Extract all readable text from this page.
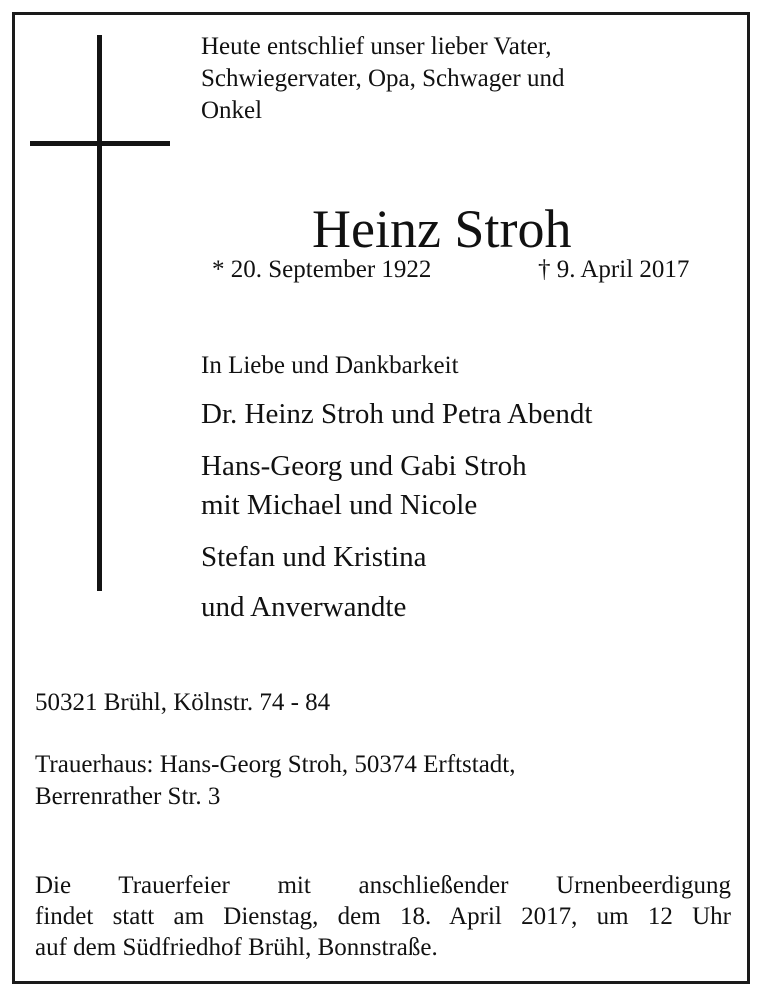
Heute entschlief unser lieber Vater,
Schwiegervater, Opa, Schwager und
Onkel
Heinz Stroh
* 20. September 1922	† 9. April 2017
In Liebe und Dankbarkeit
Dr. Heinz Stroh und Petra Abendt
Hans-Georg und Gabi Stroh
mit Michael und Nicole
Stefan und Kristina
und Anverwandte
50321 Brühl, Kölnstr. 74 - 84
Trauerhaus: Hans-Georg Stroh, 50374 Erftstadt,
Berrenrather Str. 3
Die Trauerfeier mit anschließender Urnenbeerdigung
findet statt am Dienstag, dem 18. April 2017, um 12 Uhr
auf dem Südfriedhof Brühl, Bonnstraße.
